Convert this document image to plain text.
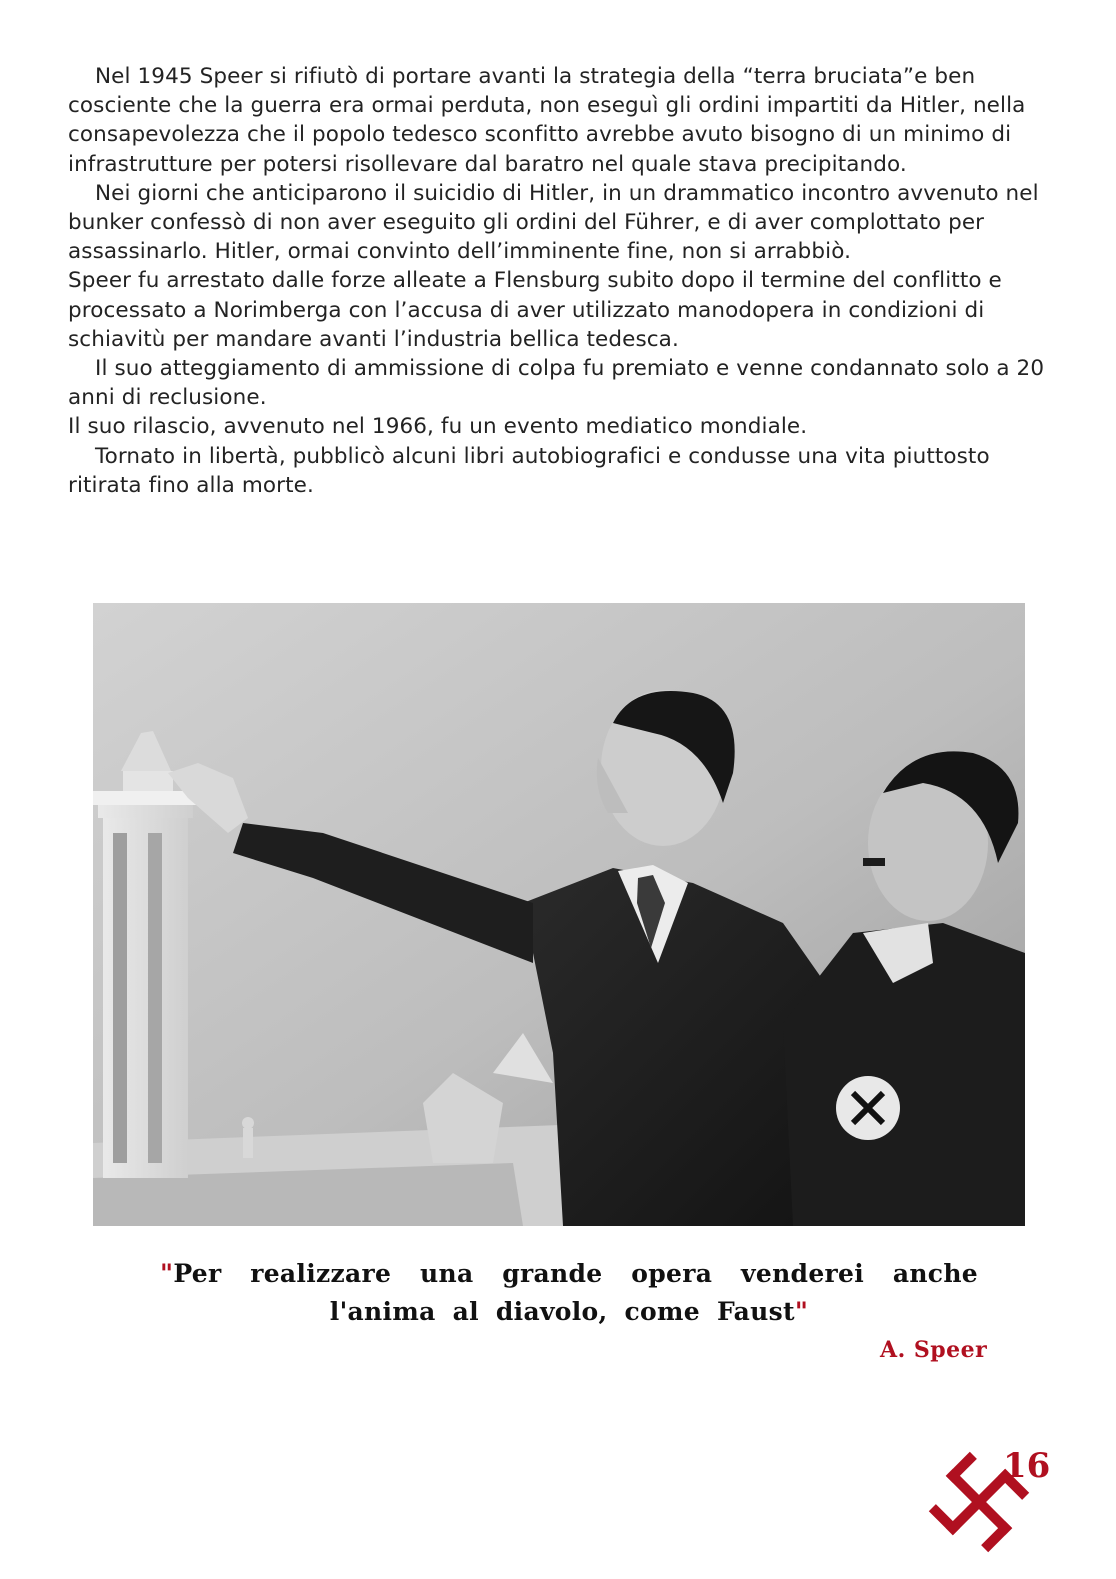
Nel 1945 Speer si rifiutò di portare avanti la strategia della “terra bruciata”e ben cosciente che la guerra era ormai perduta, non eseguì gli ordini impartiti da Hitler, nella consapevolezza che il popolo tedesco sconfitto avrebbe avuto bisogno di un minimo di infrastrutture per potersi risollevare dal baratro nel quale stava precipitando.

Nei giorni che anticiparono il suicidio di Hitler, in un drammatico incontro avvenuto nel bunker confessò di non aver eseguito gli ordini del Führer, e di aver complottato per assassinarlo. Hitler, ormai convinto dell’imminente fine, non si arrabbiò.

Speer fu arrestato dalle forze alleate a Flensburg subito dopo il termine del conflitto e processato a Norimberga con l’accusa di aver utilizzato manodopera in condizioni di schiavitù per mandare avanti l’industria bellica tedesca.

Il suo atteggiamento di ammissione di colpa fu premiato e venne condannato solo a 20 anni di reclusione.

Il suo rilascio, avvenuto nel 1966, fu un evento mediatico mondiale.

Tornato in libertà, pubblicò alcuni libri autobiografici e condusse una vita piuttosto ritirata fino alla morte.

"Per realizzare una grande opera venderei anche l'anima al diavolo, come Faust"
A. Speer
16
